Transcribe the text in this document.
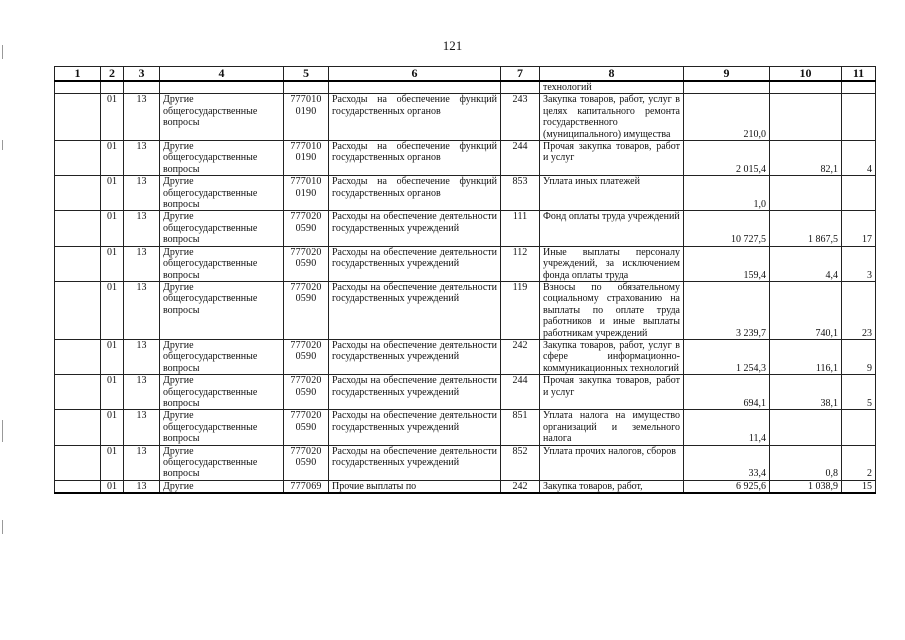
121
1	2	3	4	5	6	7	8	9	10	11
							технологий			
	01	13	Другие общегосударственные вопросы	777010 0190	Расходы на обеспечение функций государственных органов	243	Закупка товаров, работ, услуг в целях капитального ремонта государственного (муниципального) имущества	210,0		
	01	13	Другие общегосударственные вопросы	777010 0190	Расходы на обеспечение функций государственных органов	244	Прочая закупка товаров, работ и услуг	2 015,4	82,1	4
	01	13	Другие общегосударственные вопросы	777010 0190	Расходы на обеспечение функций государственных органов	853	Уплата иных платежей	1,0		
	01	13	Другие общегосударственные вопросы	777020 0590	Расходы на обеспечение деятельности государственных учреждений	111	Фонд оплаты труда учреждений	10 727,5	1 867,5	17
	01	13	Другие общегосударственные вопросы	777020 0590	Расходы на обеспечение деятельности государственных учреждений	112	Иные выплаты персоналу учреждений, за исключением фонда оплаты труда	159,4	4,4	3
	01	13	Другие общегосударственные вопросы	777020 0590	Расходы на обеспечение деятельности государственных учреждений	119	Взносы по обязательному социальному страхованию на выплаты по оплате труда работников и иные выплаты работникам учреждений	3 239,7	740,1	23
	01	13	Другие общегосударственные вопросы	777020 0590	Расходы на обеспечение деятельности государственных учреждений	242	Закупка товаров, работ, услуг в сфере информационно-коммуникационных технологий	1 254,3	116,1	9
	01	13	Другие общегосударственные вопросы	777020 0590	Расходы на обеспечение деятельности государственных учреждений	244	Прочая закупка товаров, работ и услуг	694,1	38,1	5
	01	13	Другие общегосударственные вопросы	777020 0590	Расходы на обеспечение деятельности государственных учреждений	851	Уплата налога на имущество организаций и земельного налога	11,4		
	01	13	Другие общегосударственные вопросы	777020 0590	Расходы на обеспечение деятельности государственных учреждений	852	Уплата прочих налогов, сборов	33,4	0,8	2
	01	13	Другие	777069	Прочие выплаты по	242	Закупка товаров, работ,	6 925,6	1 038,9	15
